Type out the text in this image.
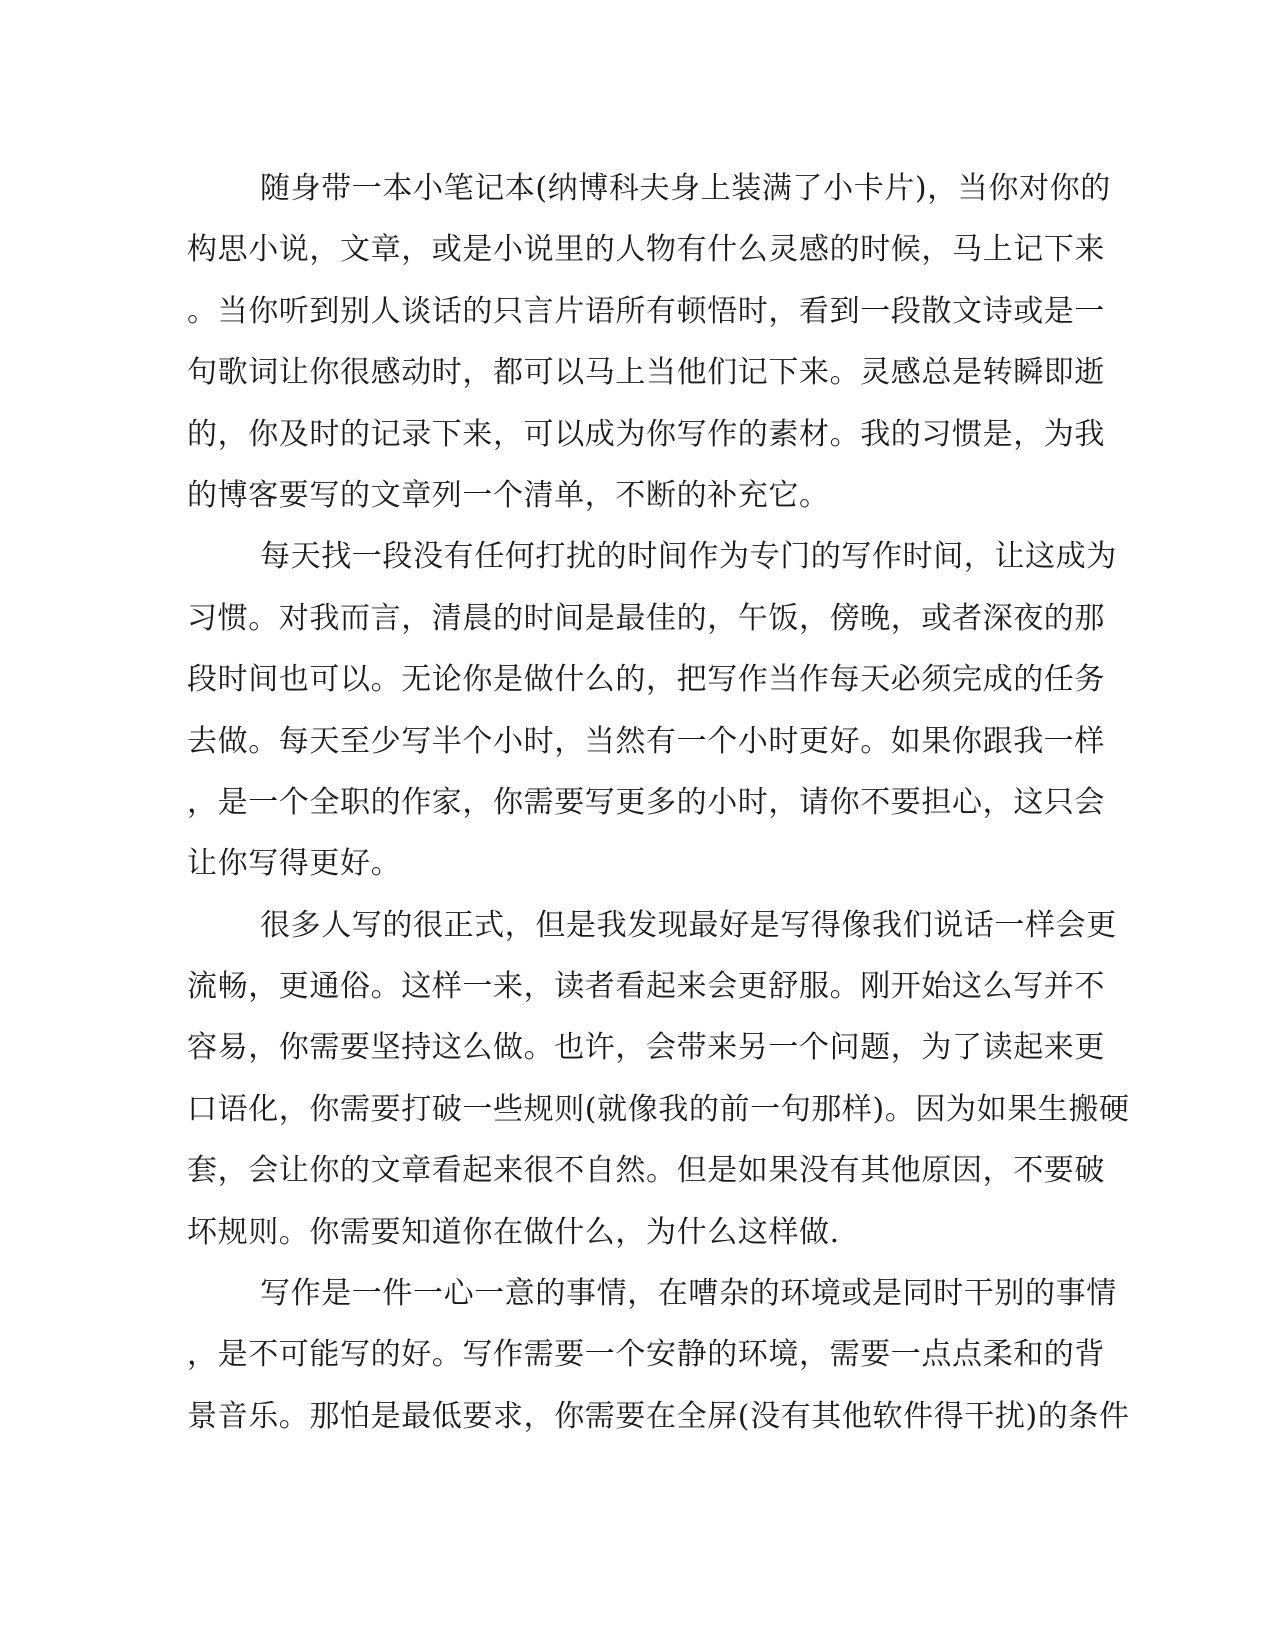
随身带一本小笔记本(纳博科夫身上装满了小卡片)，当你对你的
构思小说，文章，或是小说里的人物有什么灵感的时候，马上记下来
。当你听到别人谈话的只言片语所有顿悟时，看到一段散文诗或是一
句歌词让你很感动时，都可以马上当他们记下来。灵感总是转瞬即逝
的，你及时的记录下来，可以成为你写作的素材。我的习惯是，为我
的博客要写的文章列一个清单，不断的补充它。
每天找一段没有任何打扰的时间作为专门的写作时间，让这成为
习惯。对我而言，清晨的时间是最佳的，午饭，傍晚，或者深夜的那
段时间也可以。无论你是做什么的，把写作当作每天必须完成的任务
去做。每天至少写半个小时，当然有一个小时更好。如果你跟我一样
，是一个全职的作家，你需要写更多的小时，请你不要担心，这只会
让你写得更好。
很多人写的很正式，但是我发现最好是写得像我们说话一样会更
流畅，更通俗。这样一来，读者看起来会更舒服。刚开始这么写并不
容易，你需要坚持这么做。也许，会带来另一个问题，为了读起来更
口语化，你需要打破一些规则(就像我的前一句那样)。因为如果生搬硬
套，会让你的文章看起来很不自然。但是如果没有其他原因，不要破
坏规则。你需要知道你在做什么，为什么这样做.
写作是一件一心一意的事情，在嘈杂的环境或是同时干别的事情
，是不可能写的好。写作需要一个安静的环境，需要一点点柔和的背
景音乐。那怕是最低要求，你需要在全屏(没有其他软件得干扰)的条件
